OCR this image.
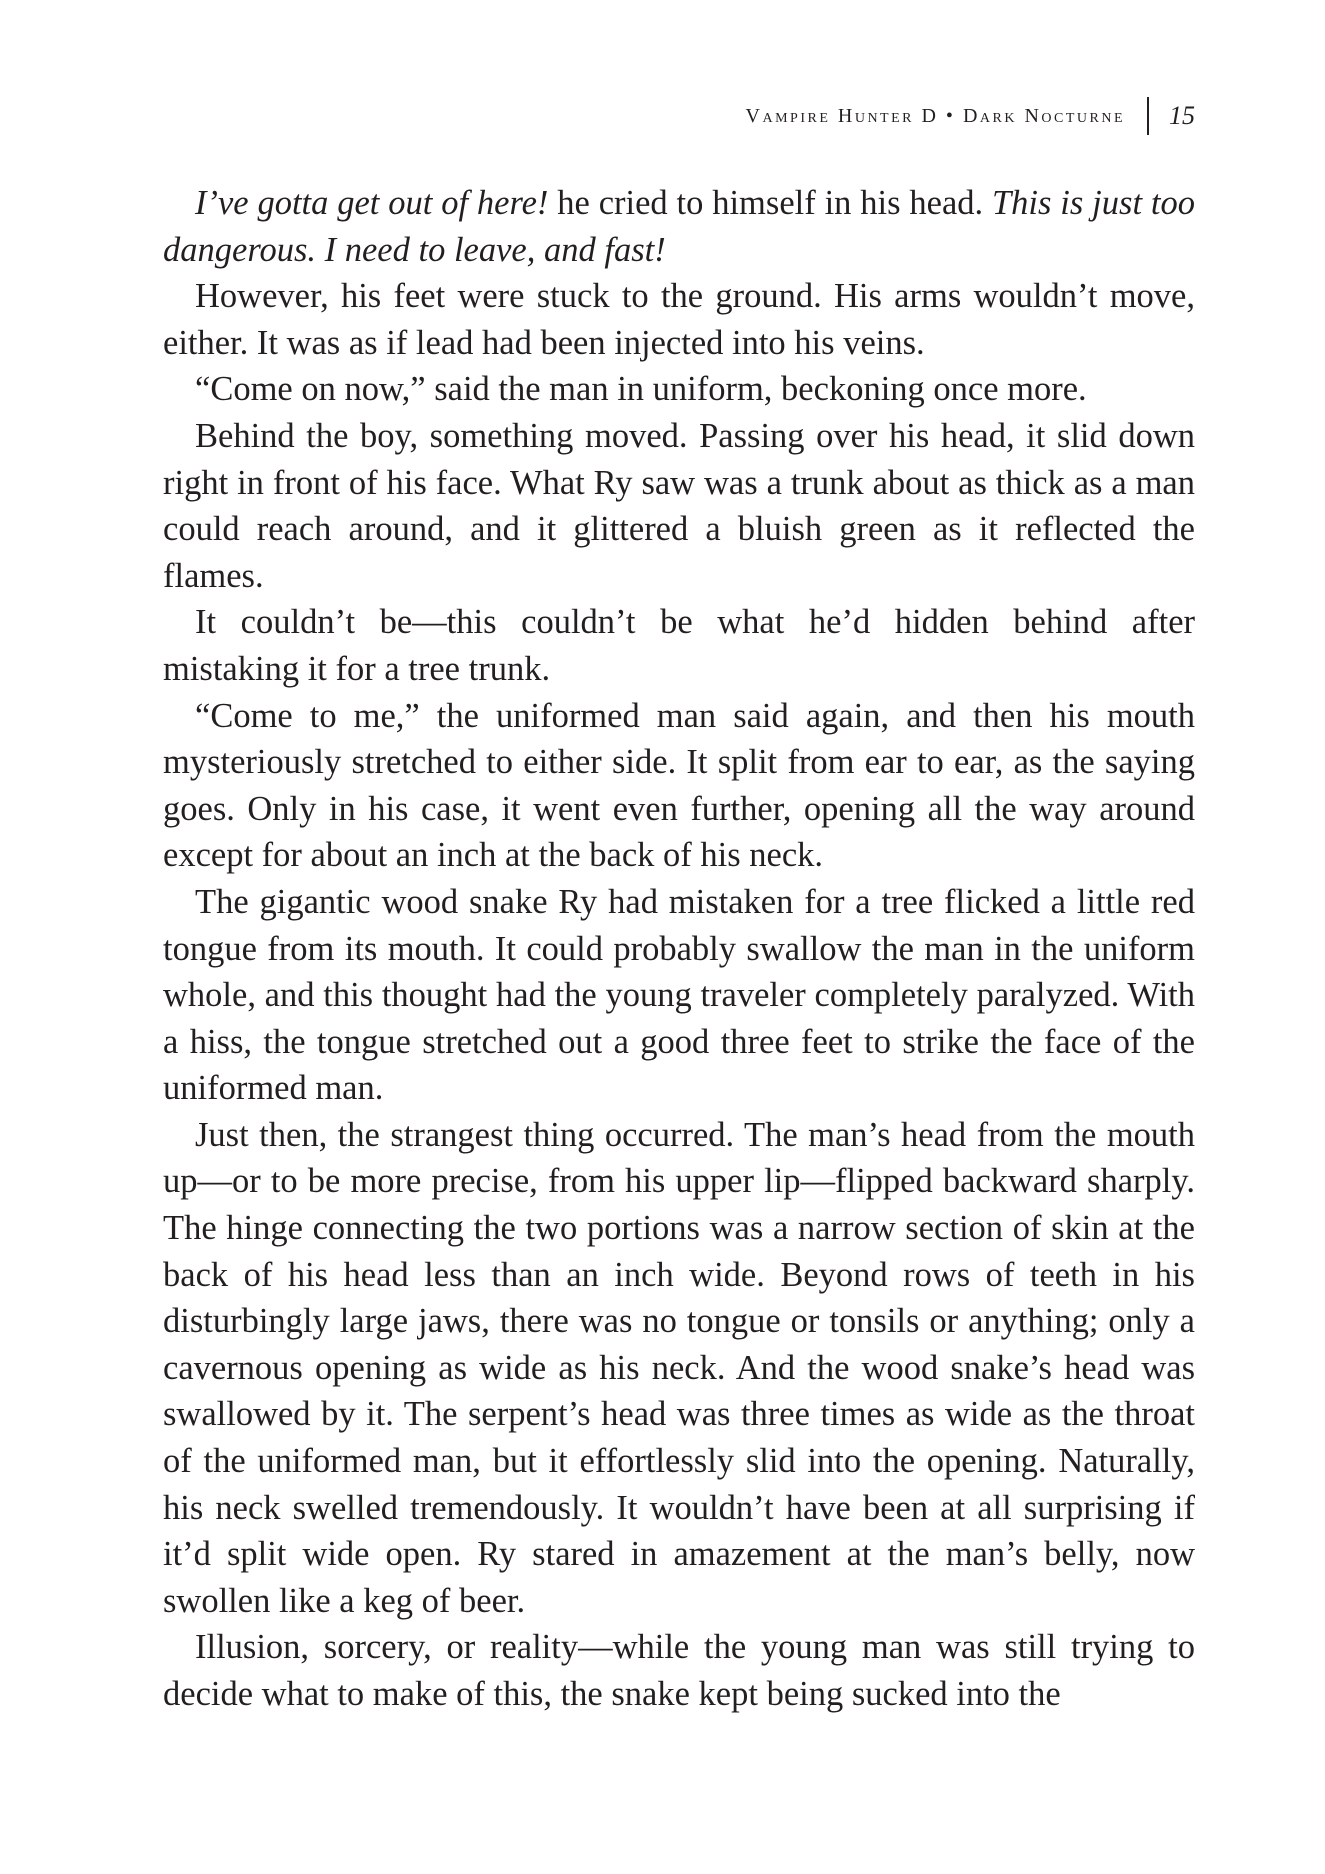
Vampire Hunter D • Dark Nocturne 15

I’ve gotta get out of here! he cried to himself in his head. This is just too dangerous. I need to leave, and fast!

However, his feet were stuck to the ground. His arms wouldn’t move, either. It was as if lead had been injected into his veins.

“Come on now,” said the man in uniform, beckoning once more.

Behind the boy, something moved. Passing over his head, it slid down right in front of his face. What Ry saw was a trunk about as thick as a man could reach around, and it glittered a bluish green as it reflected the flames.

It couldn’t be—this couldn’t be what he’d hidden behind after mistaking it for a tree trunk.

“Come to me,” the uniformed man said again, and then his mouth mysteriously stretched to either side. It split from ear to ear, as the saying goes. Only in his case, it went even further, opening all the way around except for about an inch at the back of his neck.

The gigantic wood snake Ry had mistaken for a tree flicked a little red tongue from its mouth. It could probably swallow the man in the uniform whole, and this thought had the young traveler completely paralyzed. With a hiss, the tongue stretched out a good three feet to strike the face of the uniformed man.

Just then, the strangest thing occurred. The man’s head from the mouth up—or to be more precise, from his upper lip—flipped backward sharply. The hinge connecting the two portions was a narrow section of skin at the back of his head less than an inch wide. Beyond rows of teeth in his disturbingly large jaws, there was no tongue or tonsils or anything; only a cavernous opening as wide as his neck. And the wood snake’s head was swallowed by it. The serpent’s head was three times as wide as the throat of the uniformed man, but it effortlessly slid into the opening. Naturally, his neck swelled tremendously. It wouldn’t have been at all surprising if it’d split wide open. Ry stared in amazement at the man’s belly, now swollen like a keg of beer.

Illusion, sorcery, or reality—while the young man was still trying to decide what to make of this, the snake kept being sucked into the
